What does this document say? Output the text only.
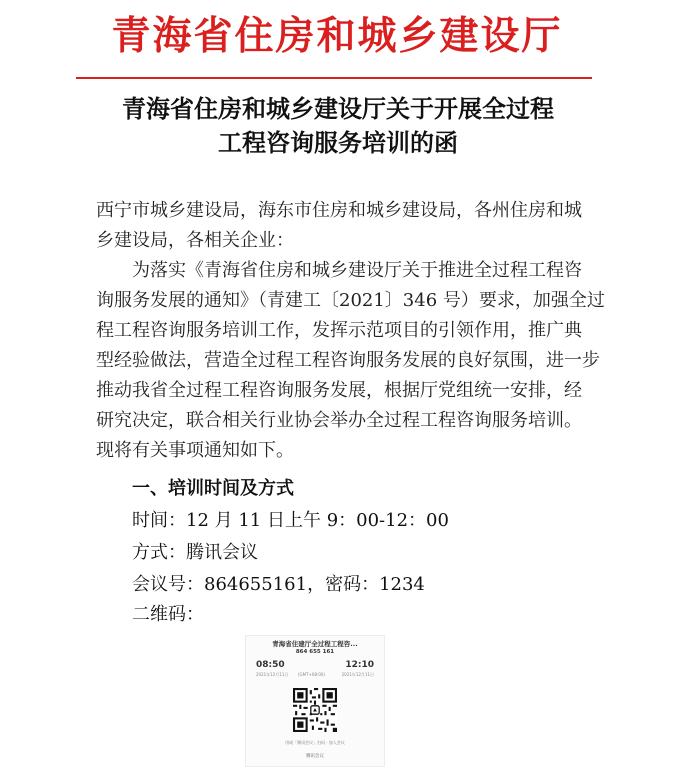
青海省住房和城乡建设厅
青海省住房和城乡建设厅关于开展全过程
工程咨询服务培训的函
西宁市城乡建设局，海东市住房和城乡建设局，各州住房和城
乡建设局，各相关企业：
为落实《青海省住房和城乡建设厅关于推进全过程工程咨
询服务发展的通知》（青建工〔2021〕346 号）要求，加强全过
程工程咨询服务培训工作，发挥示范项目的引领作用，推广典
型经验做法，营造全过程工程咨询服务发展的良好氛围，进一步
推动我省全过程工程咨询服务发展，根据厅党组统一安排，经
研究决定，联合相关行业协会举办全过程工程咨询服务培训。
现将有关事项通知如下。
一、培训时间及方式
时间：12 月 11 日上午 9：00-12：00
方式：腾讯会议
会议号：864655161，密码：1234
二维码：
青海省住建厅全过程工程咨...
864 655 161
08:50	12:10
2021年12月11日 (GMT+08:00)	2021年12月11日
用或「腾讯会议」扫码 · 加入会议
腾讯会议
